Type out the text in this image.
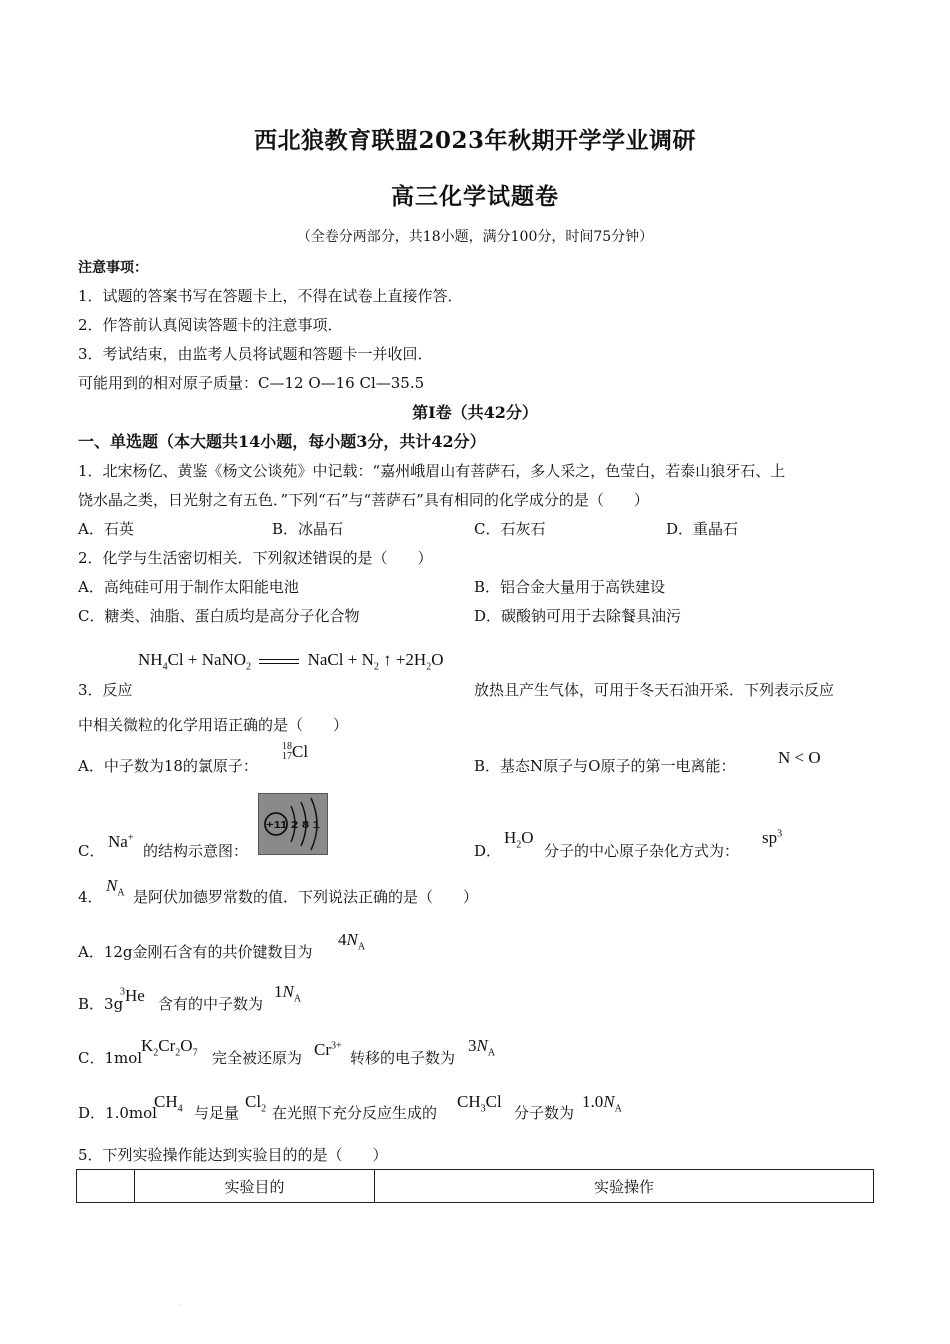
西北狼教育联盟2023年秋期开学学业调研
高三化学试题卷
（全卷分两部分，共18小题，满分100分，时间75分钟）
注意事项：
1．试题的答案书写在答题卡上，不得在试卷上直接作答．
2．作答前认真阅读答题卡的注意事项．
3．考试结束，由监考人员将试题和答题卡一并收回．
可能用到的相对原子质量：C—12 O—16 Cl—35.5
第Ⅰ卷（共42分）
一、单选题（本大题共14小题，每小题3分，共计42分）
1．北宋杨亿、黄鉴《杨文公谈苑》中记载：“嘉州峨眉山有菩萨石，多人采之，色莹白，若泰山狼牙石、上
饶水晶之类，日光射之有五色．”下列“石”与“菩萨石”具有相同的化学成分的是（　　）
A．石英	B．冰晶石	C．石灰石	D．重晶石
2．化学与生活密切相关．下列叙述错误的是（　　）
A．高纯硅可用于制作太阳能电池	B．铝合金大量用于高铁建设
C．糖类、油脂、蛋白质均是高分子化合物	D．碳酸钠可用于去除餐具油污
$NH_4Cl$ + NaNO$_2$	NaCl + $N_2$ ↑ $+2H_2O$
3．反应	放热且产生气体，可用于冬天石油开采．下列表示反应
中相关微粒的化学用语正确的是（　　）
A．中子数为18的氯原子：
18
17Cl
B．基态N原子与O原子的第一电离能：	N < O
C． Na+
的结构示意图：
+11 2 8 1
D．
$H_2O$
分子的中心原子杂化方式为：
$sp^3$
4．
$N_A$ 是阿伏加德罗常数的值．下列说法正确的是（　　）
A．12g金刚石含有的共价键数目为
$4N_A$
B．3g
$^3$He 含有的中子数为
$1N_A$
C．1mol
$K_2Cr_2O_7$ 完全被还原为 $Cr^{3+}$
转移的电子数为
$3N_A$
D．1.0mol
$CH_4$ 与足量
$Cl_2$ 在光照下充分反应生成的
$CH_3Cl$
分子数为
$1.0N_A$
5．下列实验操作能达到实验目的的是（　　）
	实验目的	实验操作
·
